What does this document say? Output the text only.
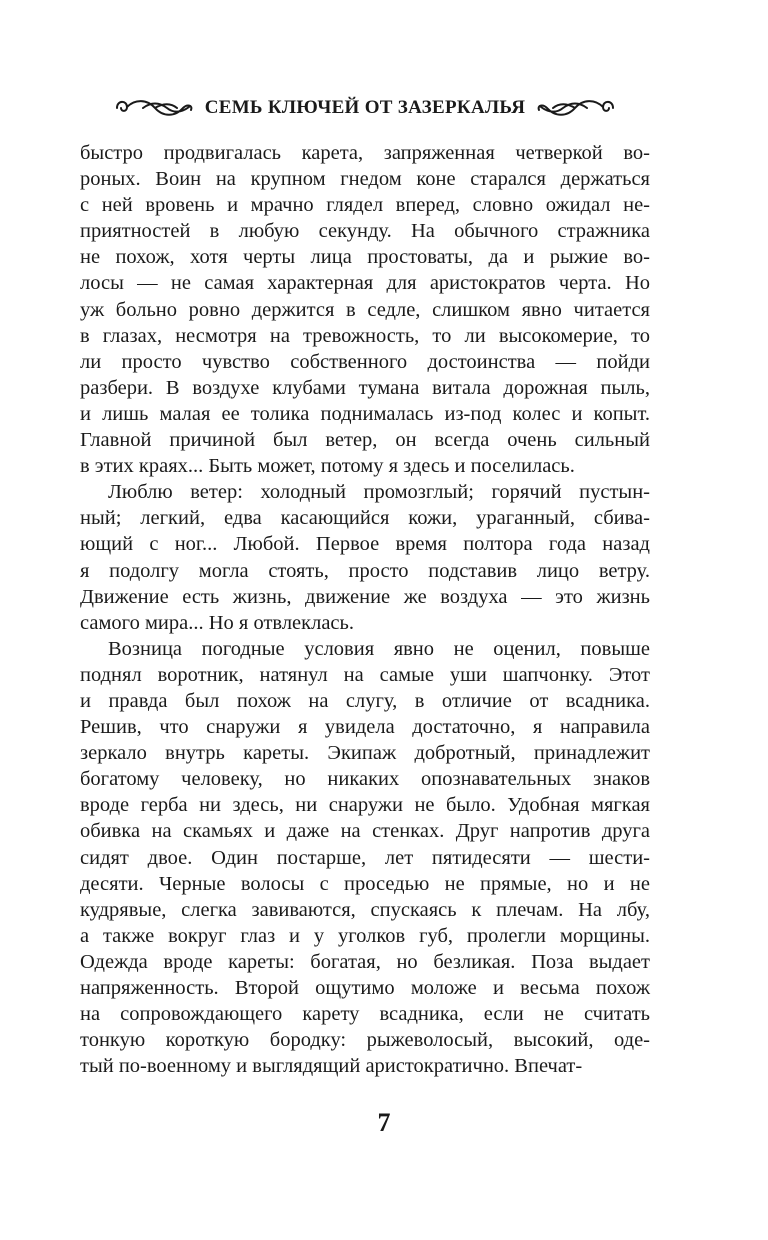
СЕМЬ КЛЮЧЕЙ ОТ ЗАЗЕРКАЛЬЯ
быстро продвигалась карета, запряженная четверкой во-
роных. Воин на крупном гнедом коне старался держаться
с ней вровень и мрачно глядел вперед, словно ожидал не-
приятностей в любую секунду. На обычного стражника
не похож, хотя черты лица простоваты, да и рыжие во-
лосы — не самая характерная для аристократов черта. Но
уж больно ровно держится в седле, слишком явно читается
в глазах, несмотря на тревожность, то ли высокомерие, то
ли просто чувство собственного достоинства — пойди
разбери. В воздухе клубами тумана витала дорожная пыль,
и лишь малая ее толика поднималась из-под колес и копыт.
Главной причиной был ветер, он всегда очень сильный
в этих краях... Быть может, потому я здесь и поселилась.
Люблю ветер: холодный промозглый; горячий пустын-
ный; легкий, едва касающийся кожи, ураганный, сбива-
ющий с ног... Любой. Первое время полтора года назад
я подолгу могла стоять, просто подставив лицо ветру.
Движение есть жизнь, движение же воздуха — это жизнь
самого мира... Но я отвлеклась.
Возница погодные условия явно не оценил, повыше
поднял воротник, натянул на самые уши шапчонку. Этот
и правда был похож на слугу, в отличие от всадника.
Решив, что снаружи я увидела достаточно, я направила
зеркало внутрь кареты. Экипаж добротный, принадлежит
богатому человеку, но никаких опознавательных знаков
вроде герба ни здесь, ни снаружи не было. Удобная мягкая
обивка на скамьях и даже на стенках. Друг напротив друга
сидят двое. Один постарше, лет пятидесяти — шести-
десяти. Черные волосы с проседью не прямые, но и не
кудрявые, слегка завиваются, спускаясь к плечам. На лбу,
а также вокруг глаз и у уголков губ, пролегли морщины.
Одежда вроде кареты: богатая, но безликая. Поза выдает
напряженность. Второй ощутимо моложе и весьма похож
на сопровождающего карету всадника, если не считать
тонкую короткую бородку: рыжеволосый, высокий, оде-
тый по-военному и выглядящий аристократично. Впечат-
7
